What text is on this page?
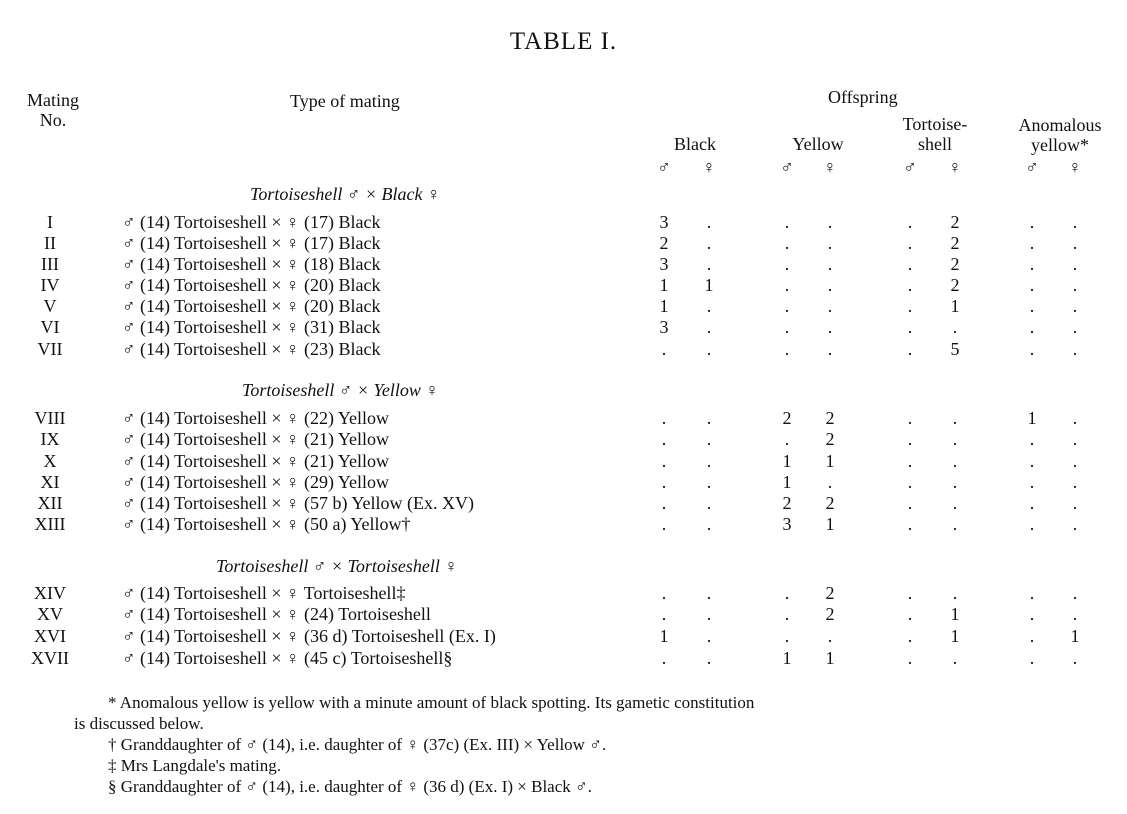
TABLE I.
Mating
No.
Type of mating	Offspring
Black	Yellow
Tortoise-
shell
Anomalous
yellow*
♂ ♀	♂ ♀	♂ ♀	♂ ♀
Tortoiseshell ♂ × Black ♀
I	♂ (14) Tortoiseshell × ♀ (17) Black	3	.	.	.	.	2	.	.
II	♂ (14) Tortoiseshell × ♀ (17) Black	2	.	.	.	.	2	.	.
III	♂ (14) Tortoiseshell × ♀ (18) Black	3	.	.	.	.	2	.	.
IV	♂ (14) Tortoiseshell × ♀ (20) Black	1	1	.	.	.	2	.	.
V	♂ (14) Tortoiseshell × ♀ (20) Black	1	.	.	.	.	1	.	.
VI	♂ (14) Tortoiseshell × ♀ (31) Black	3	.	.	.	.	.	.	.
VII	♂ (14) Tortoiseshell × ♀ (23) Black	.	.	.	.	.	5	.	.
Tortoiseshell ♂ × Yellow ♀
VIII	♂ (14) Tortoiseshell × ♀ (22) Yellow	.	.	2	2	.	.	1	.
IX	♂ (14) Tortoiseshell × ♀ (21) Yellow	.	.	.	2	.	.	.	.
X	♂ (14) Tortoiseshell × ♀ (21) Yellow	.	.	1	1	.	.	.	.
XI	♂ (14) Tortoiseshell × ♀ (29) Yellow	.	.	1	.	.	.	.	.
XII	♂ (14) Tortoiseshell × ♀ (57 b) Yellow (Ex. XV)	.	.	2	2	.	.	.	.
XIII	♂ (14) Tortoiseshell × ♀ (50 a) Yellow†	.	.	3	1	.	.	.	.
Tortoiseshell ♂ × Tortoiseshell ♀
XIV	♂ (14) Tortoiseshell × ♀ Tortoiseshell‡	.	.	.	2	.	.	.	.
XV	♂ (14) Tortoiseshell × ♀ (24) Tortoiseshell	.	.	.	2	.	1	.	.
XVI	♂ (14) Tortoiseshell × ♀ (36 d) Tortoiseshell (Ex. I)	1	.	.	.	.	1	.	1
XVII	♂ (14) Tortoiseshell × ♀ (45 c) Tortoiseshell§	.	.	1	1	.	.	.	.
* Anomalous yellow is yellow with a minute amount of black spotting. Its gametic constitution
is discussed below.
† Granddaughter of ♂ (14), i.e. daughter of ♀ (37c) (Ex. III) × Yellow ♂.
‡ Mrs Langdale's mating.
§ Granddaughter of ♂ (14), i.e. daughter of ♀ (36 d) (Ex. I) × Black ♂.
